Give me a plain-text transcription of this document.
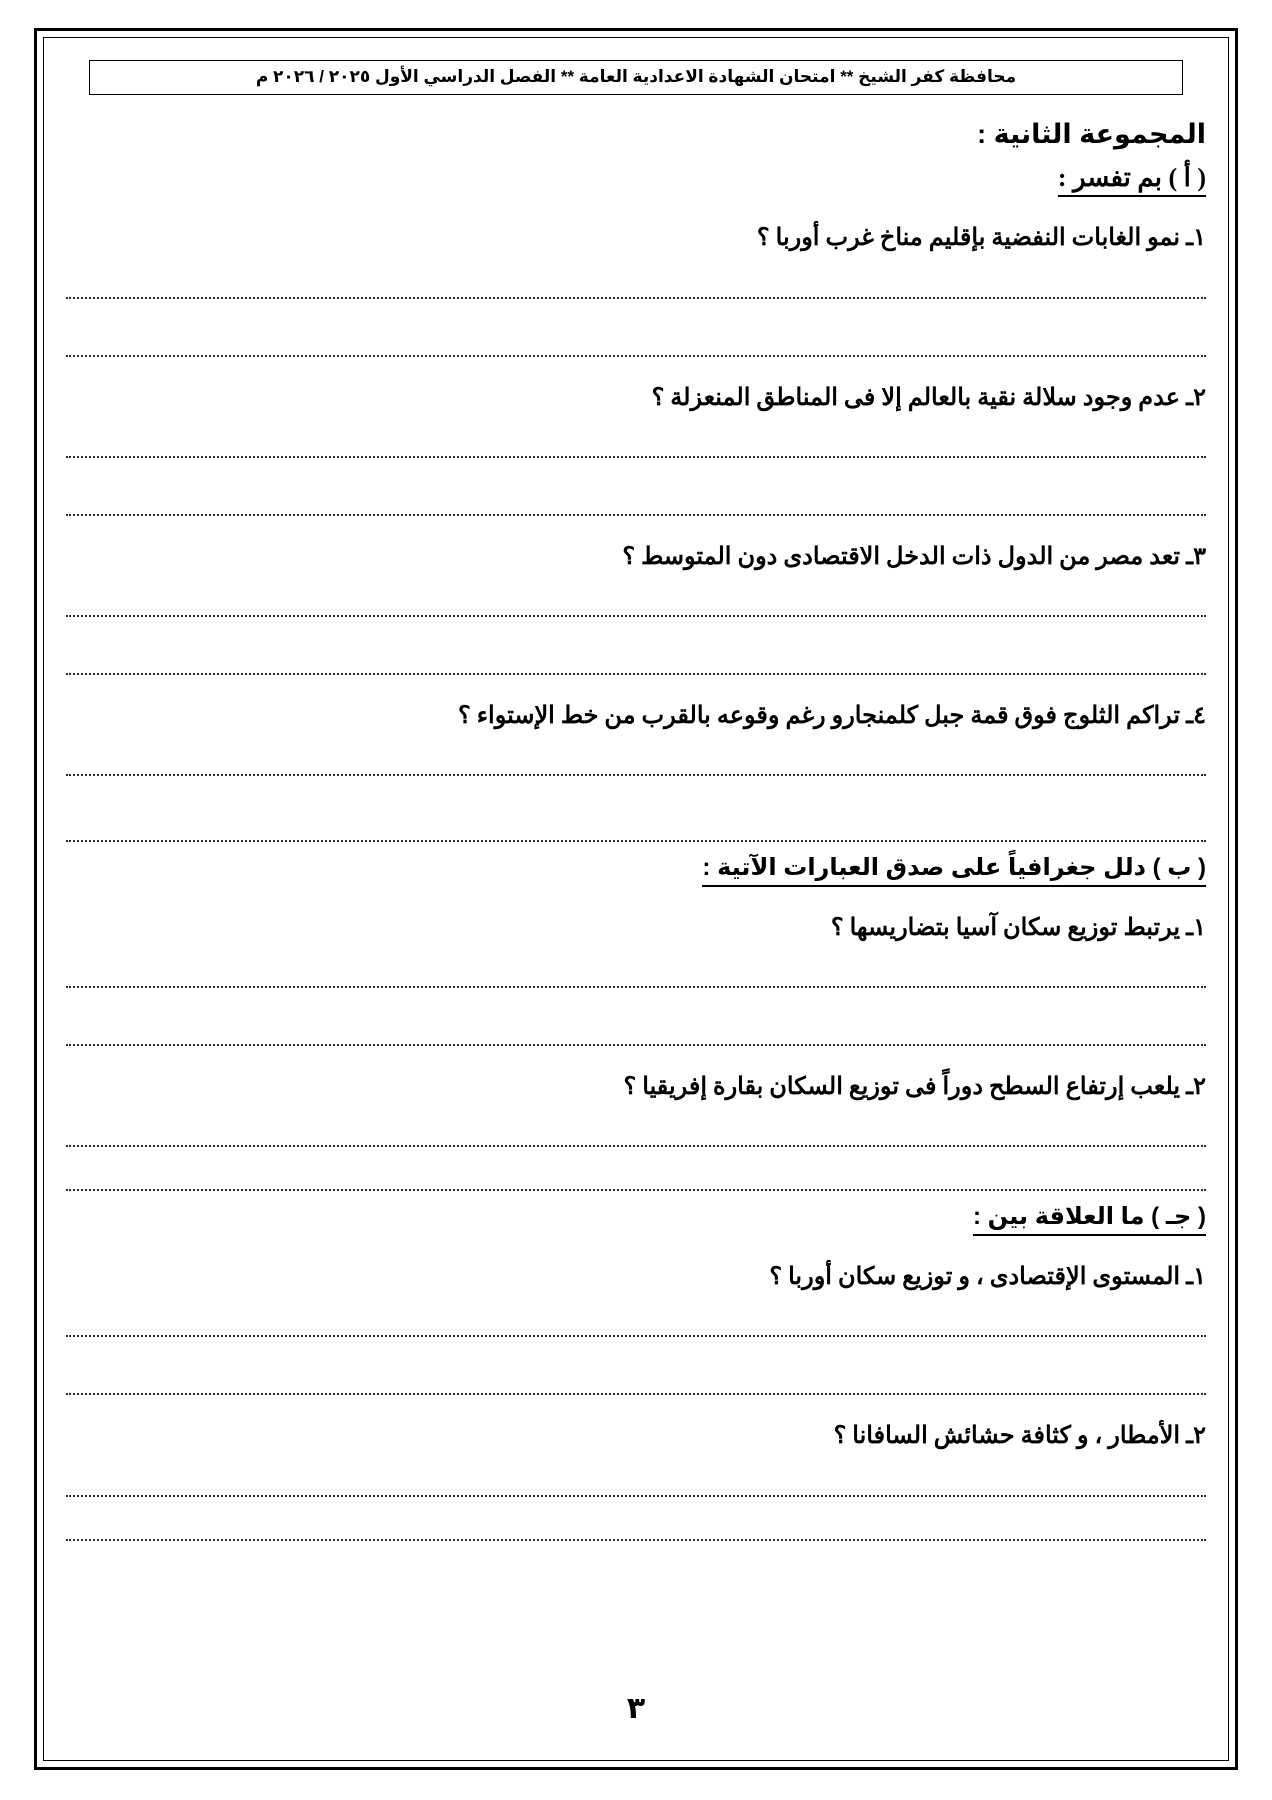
محافظة كفر الشيخ ** امتحان الشهادة الاعدادية العامة ** الفصل الدراسي الأول ٢٠٢٥ / ٢٠٢٦ م
المجموعة الثانية :
( أ ) بم تفسر :
١ـ نمو الغابات النفضية بإقليم مناخ غرب أوربا ؟
٢ـ عدم وجود سلالة نقية بالعالم إلا فى المناطق المنعزلة ؟
٣ـ تعد مصر من الدول ذات الدخل الاقتصادى دون المتوسط ؟
٤ـ تراكم الثلوج فوق قمة جبل كلمنجارو رغم وقوعه بالقرب من خط الإستواء ؟
( ب ) دلل جغرافياً على صدق العبارات الآتية :
١ـ يرتبط توزيع سكان آسيا بتضاريسها ؟
٢ـ يلعب إرتفاع السطح دوراً فى توزيع السكان بقارة إفريقيا ؟
( جـ ) ما العلاقة بين :
١ـ المستوى الإقتصادى ، و توزيع سكان أوربا ؟
٢ـ الأمطار ، و كثافة حشائش السافانا ؟
٣
